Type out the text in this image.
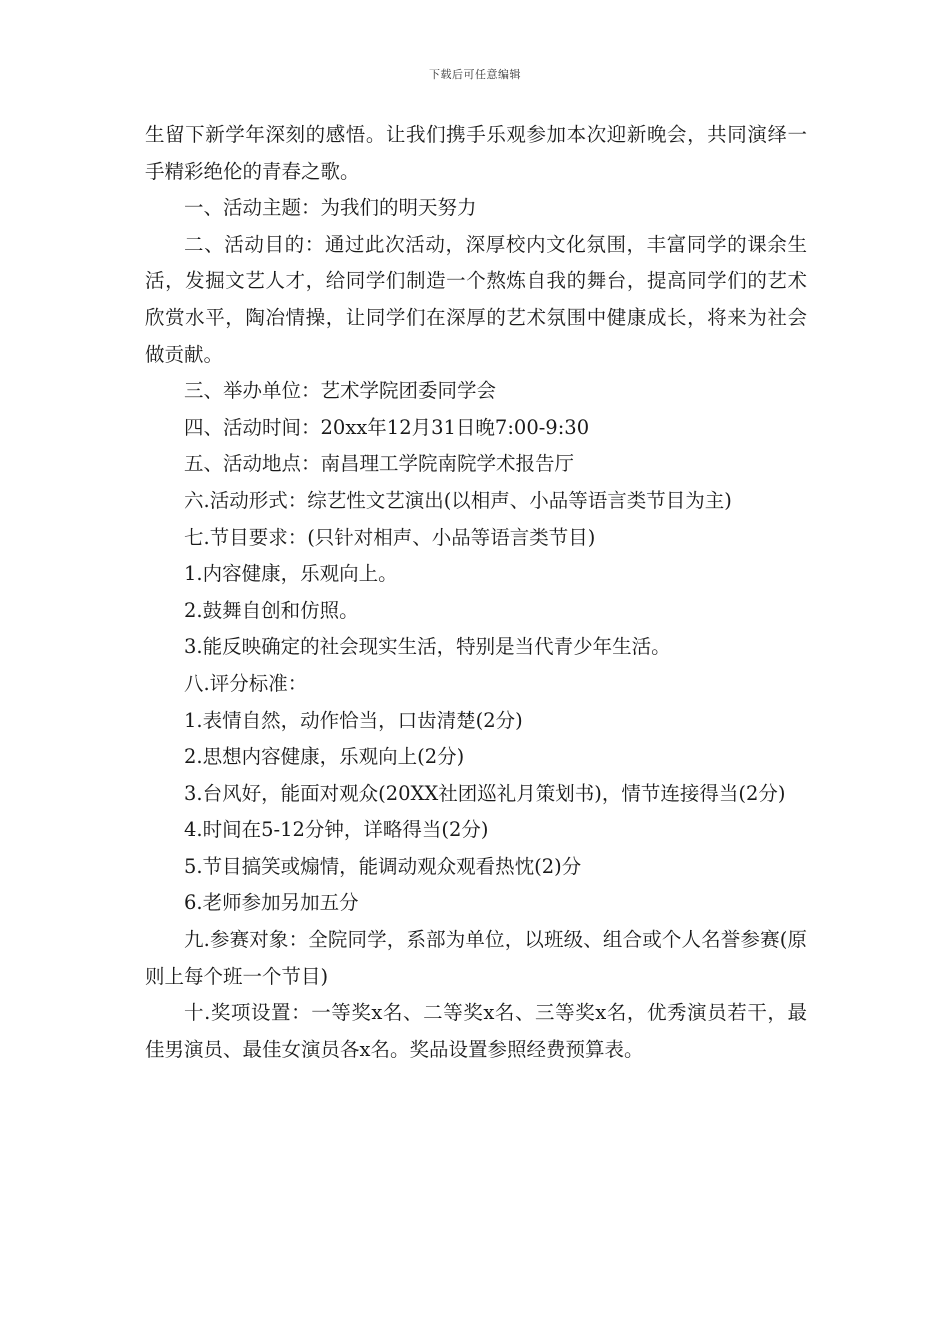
下载后可任意编辑

生留下新学年深刻的感悟。让我们携手乐观参加本次迎新晚会，共同演绎一手精彩绝伦的青春之歌。

一、活动主题：为我们的明天努力

二、活动目的：通过此次活动，深厚校内文化氛围，丰富同学的课余生活，发掘文艺人才，给同学们制造一个熬炼自我的舞台，提高同学们的艺术欣赏水平，陶冶情操，让同学们在深厚的艺术氛围中健康成长，将来为社会做贡献。

三、举办单位：艺术学院团委同学会

四、活动时间：20xx年12月31日晚7:00-9:30

五、活动地点：南昌理工学院南院学术报告厅

六.活动形式：综艺性文艺演出(以相声、小品等语言类节目为主)

七.节目要求：(只针对相声、小品等语言类节目)

1.内容健康，乐观向上。

2.鼓舞自创和仿照。

3.能反映确定的社会现实生活，特别是当代青少年生活。

八.评分标准：

1.表情自然，动作恰当，口齿清楚(2分)

2.思想内容健康，乐观向上(2分)

3.台风好，能面对观众(20XX社团巡礼月策划书)，情节连接得当(2分)

4.时间在5-12分钟，详略得当(2分)

5.节目搞笑或煽情，能调动观众观看热忱(2)分

6.老师参加另加五分

九.参赛对象：全院同学，系部为单位，以班级、组合或个人名誉参赛(原则上每个班一个节目)

十.奖项设置：一等奖x名、二等奖x名、三等奖x名，优秀演员若干，最佳男演员、最佳女演员各x名。奖品设置参照经费预算表。
